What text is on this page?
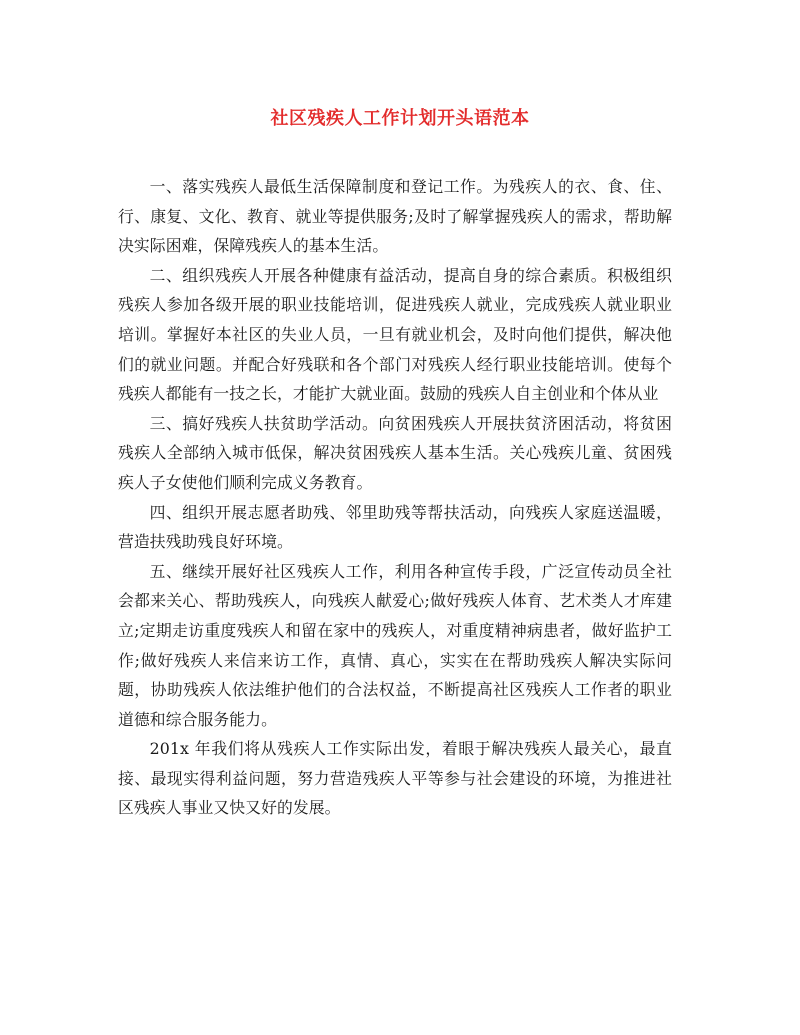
社区残疾人工作计划开头语范本

一、落实残疾人最低生活保障制度和登记工作。为残疾人的衣、食、住、行、康复、文化、教育、就业等提供服务;及时了解掌握残疾人的需求，帮助解决实际困难，保障残疾人的基本生活。

二、组织残疾人开展各种健康有益活动，提高自身的综合素质。积极组织残疾人参加各级开展的职业技能培训，促进残疾人就业，完成残疾人就业职业培训。掌握好本社区的失业人员，一旦有就业机会，及时向他们提供，解决他们的就业问题。并配合好残联和各个部门对残疾人经行职业技能培训。使每个残疾人都能有一技之长，才能扩大就业面。鼓励的残疾人自主创业和个体从业

三、搞好残疾人扶贫助学活动。向贫困残疾人开展扶贫济困活动，将贫困残疾人全部纳入城市低保，解决贫困残疾人基本生活。关心残疾儿童、贫困残疾人子女使他们顺利完成义务教育。

四、组织开展志愿者助残、邻里助残等帮扶活动，向残疾人家庭送温暖，营造扶残助残良好环境。

五、继续开展好社区残疾人工作，利用各种宣传手段，广泛宣传动员全社会都来关心、帮助残疾人，向残疾人献爱心;做好残疾人体育、艺术类人才库建立;定期走访重度残疾人和留在家中的残疾人，对重度精神病患者，做好监护工作;做好残疾人来信来访工作，真情、真心，实实在在帮助残疾人解决实际问题，协助残疾人依法维护他们的合法权益，不断提高社区残疾人工作者的职业道德和综合服务能力。

201x 年我们将从残疾人工作实际出发，着眼于解决残疾人最关心，最直接、最现实得利益问题，努力营造残疾人平等参与社会建设的环境，为推进社区残疾人事业又快又好的发展。
